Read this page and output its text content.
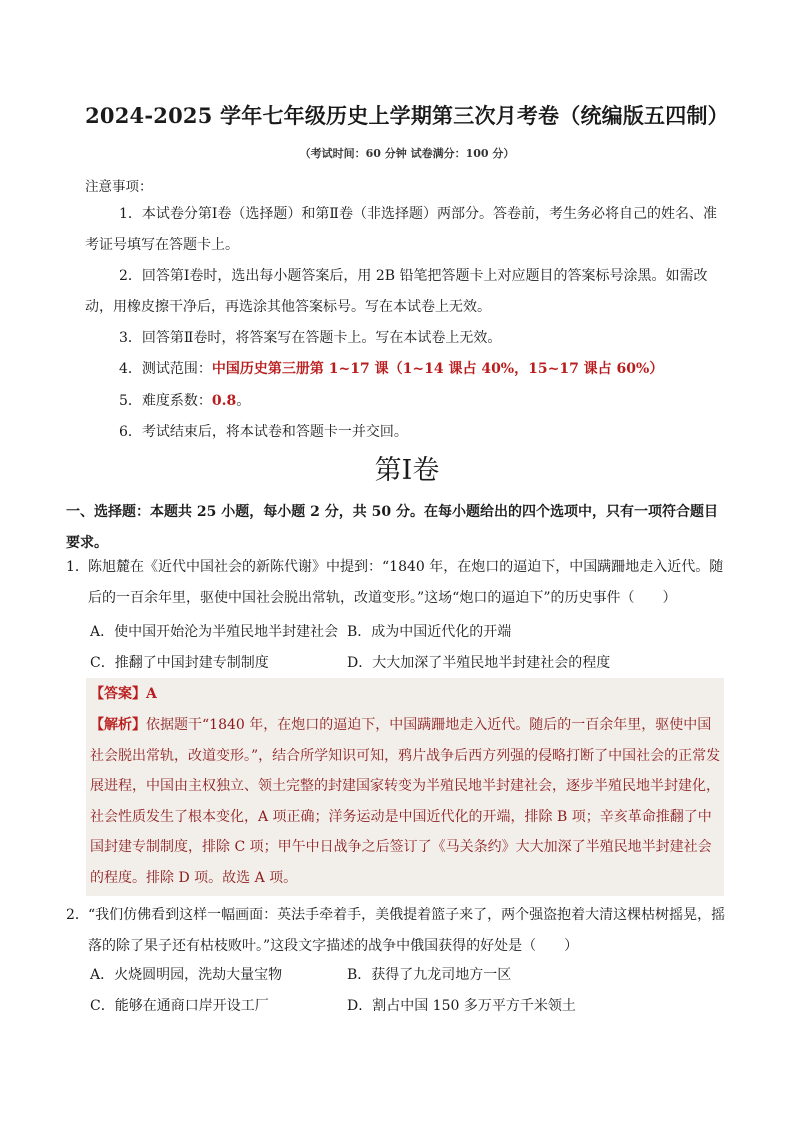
2024-2025 学年七年级历史上学期第三次月考卷（统编版五四制）
（考试时间：60 分钟 试卷满分：100 分）
注意事项：
1．本试卷分第Ⅰ卷（选择题）和第Ⅱ卷（非选择题）两部分。答卷前，考生务必将自己的姓名、准考证号填写在答题卡上。
2．回答第Ⅰ卷时，选出每小题答案后，用 2B 铅笔把答题卡上对应题目的答案标号涂黑。如需改动，用橡皮擦干净后，再选涂其他答案标号。写在本试卷上无效。
3．回答第Ⅱ卷时，将答案写在答题卡上。写在本试卷上无效。
4．测试范围：中国历史第三册第 1~17 课（1~14 课占 40%，15~17 课占 60%）
5．难度系数：0.8。
6．考试结束后，将本试卷和答题卡一并交回。
第Ⅰ卷
一、选择题：本题共 25 小题，每小题 2 分，共 50 分。在每小题给出的四个选项中，只有一项符合题目要求。
1． 陈旭麓在《近代中国社会的新陈代谢》中提到：“1840 年，在炮口的逼迫下，中国蹒跚地走入近代。随后的一百余年里，驱使中国社会脱出常轨，改道变形。”这场“炮口的逼迫下”的历史事件（　　）
A．使中国开始沦为半殖民地半封建社会 B．成为中国近代化的开端
C．推翻了中国封建专制制度	D．大大加深了半殖民地半封建社会的程度
【答案】A
【解析】依据题干“1840 年，在炮口的逼迫下，中国蹒跚地走入近代。随后的一百余年里，驱使中国社会脱出常轨，改道变形。”，结合所学知识可知，鸦片战争后西方列强的侵略打断了中国社会的正常发展进程，中国由主权独立、领土完整的封建国家转变为半殖民地半封建社会，逐步半殖民地半封建化，社会性质发生了根本变化，A 项正确；洋务运动是中国近代化的开端，排除 B 项；辛亥革命推翻了中国封建专制制度，排除 C 项；甲午中日战争之后签订了《马关条约》大大加深了半殖民地半封建社会的程度。排除 D 项。故选 A 项。
2． “我们仿佛看到这样一幅画面：英法手牵着手，美俄提着篮子来了，两个强盗抱着大清这棵枯树摇晃，摇落的除了果子还有枯枝败叶。”这段文字描述的战争中俄国获得的好处是（　　）
A．火烧圆明园，洗劫大量宝物	B．获得了九龙司地方一区
C．能够在通商口岸开设工厂	D．割占中国 150 多万平方千米领土
